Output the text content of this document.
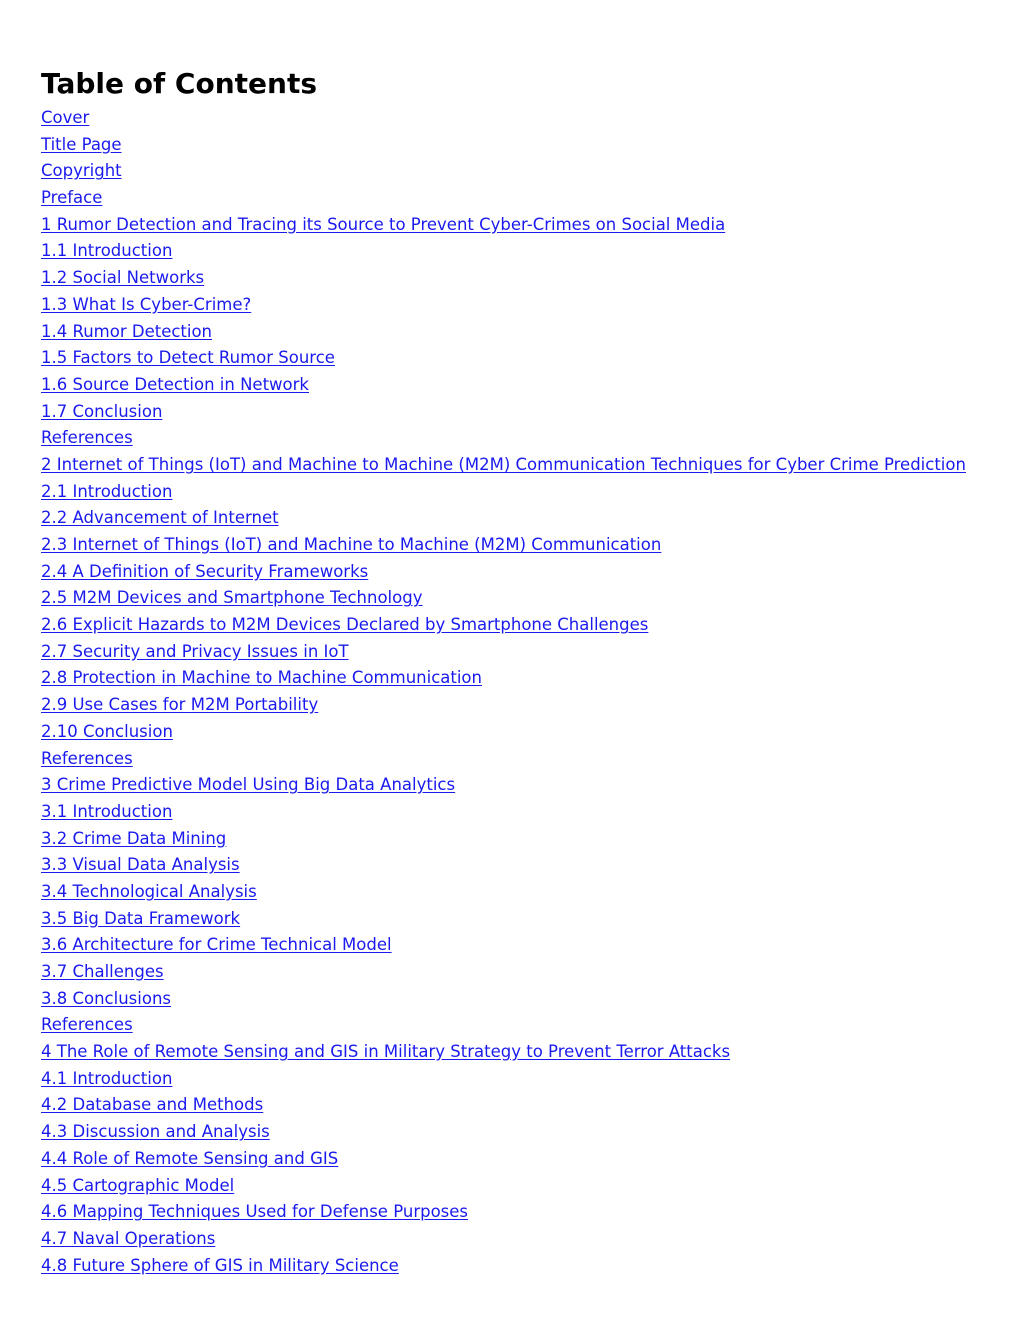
Table of Contents
Cover
Title Page
Copyright
Preface
1 Rumor Detection and Tracing its Source to Prevent Cyber-Crimes on Social Media
1.1 Introduction
1.2 Social Networks
1.3 What Is Cyber-Crime?
1.4 Rumor Detection
1.5 Factors to Detect Rumor Source
1.6 Source Detection in Network
1.7 Conclusion
References
2 Internet of Things (IoT) and Machine to Machine (M2M) Communication Techniques for Cyber Crime Prediction
2.1 Introduction
2.2 Advancement of Internet
2.3 Internet of Things (IoT) and Machine to Machine (M2M) Communication
2.4 A Definition of Security Frameworks
2.5 M2M Devices and Smartphone Technology
2.6 Explicit Hazards to M2M Devices Declared by Smartphone Challenges
2.7 Security and Privacy Issues in IoT
2.8 Protection in Machine to Machine Communication
2.9 Use Cases for M2M Portability
2.10 Conclusion
References
3 Crime Predictive Model Using Big Data Analytics
3.1 Introduction
3.2 Crime Data Mining
3.3 Visual Data Analysis
3.4 Technological Analysis
3.5 Big Data Framework
3.6 Architecture for Crime Technical Model
3.7 Challenges
3.8 Conclusions
References
4 The Role of Remote Sensing and GIS in Military Strategy to Prevent Terror Attacks
4.1 Introduction
4.2 Database and Methods
4.3 Discussion and Analysis
4.4 Role of Remote Sensing and GIS
4.5 Cartographic Model
4.6 Mapping Techniques Used for Defense Purposes
4.7 Naval Operations
4.8 Future Sphere of GIS in Military Science
